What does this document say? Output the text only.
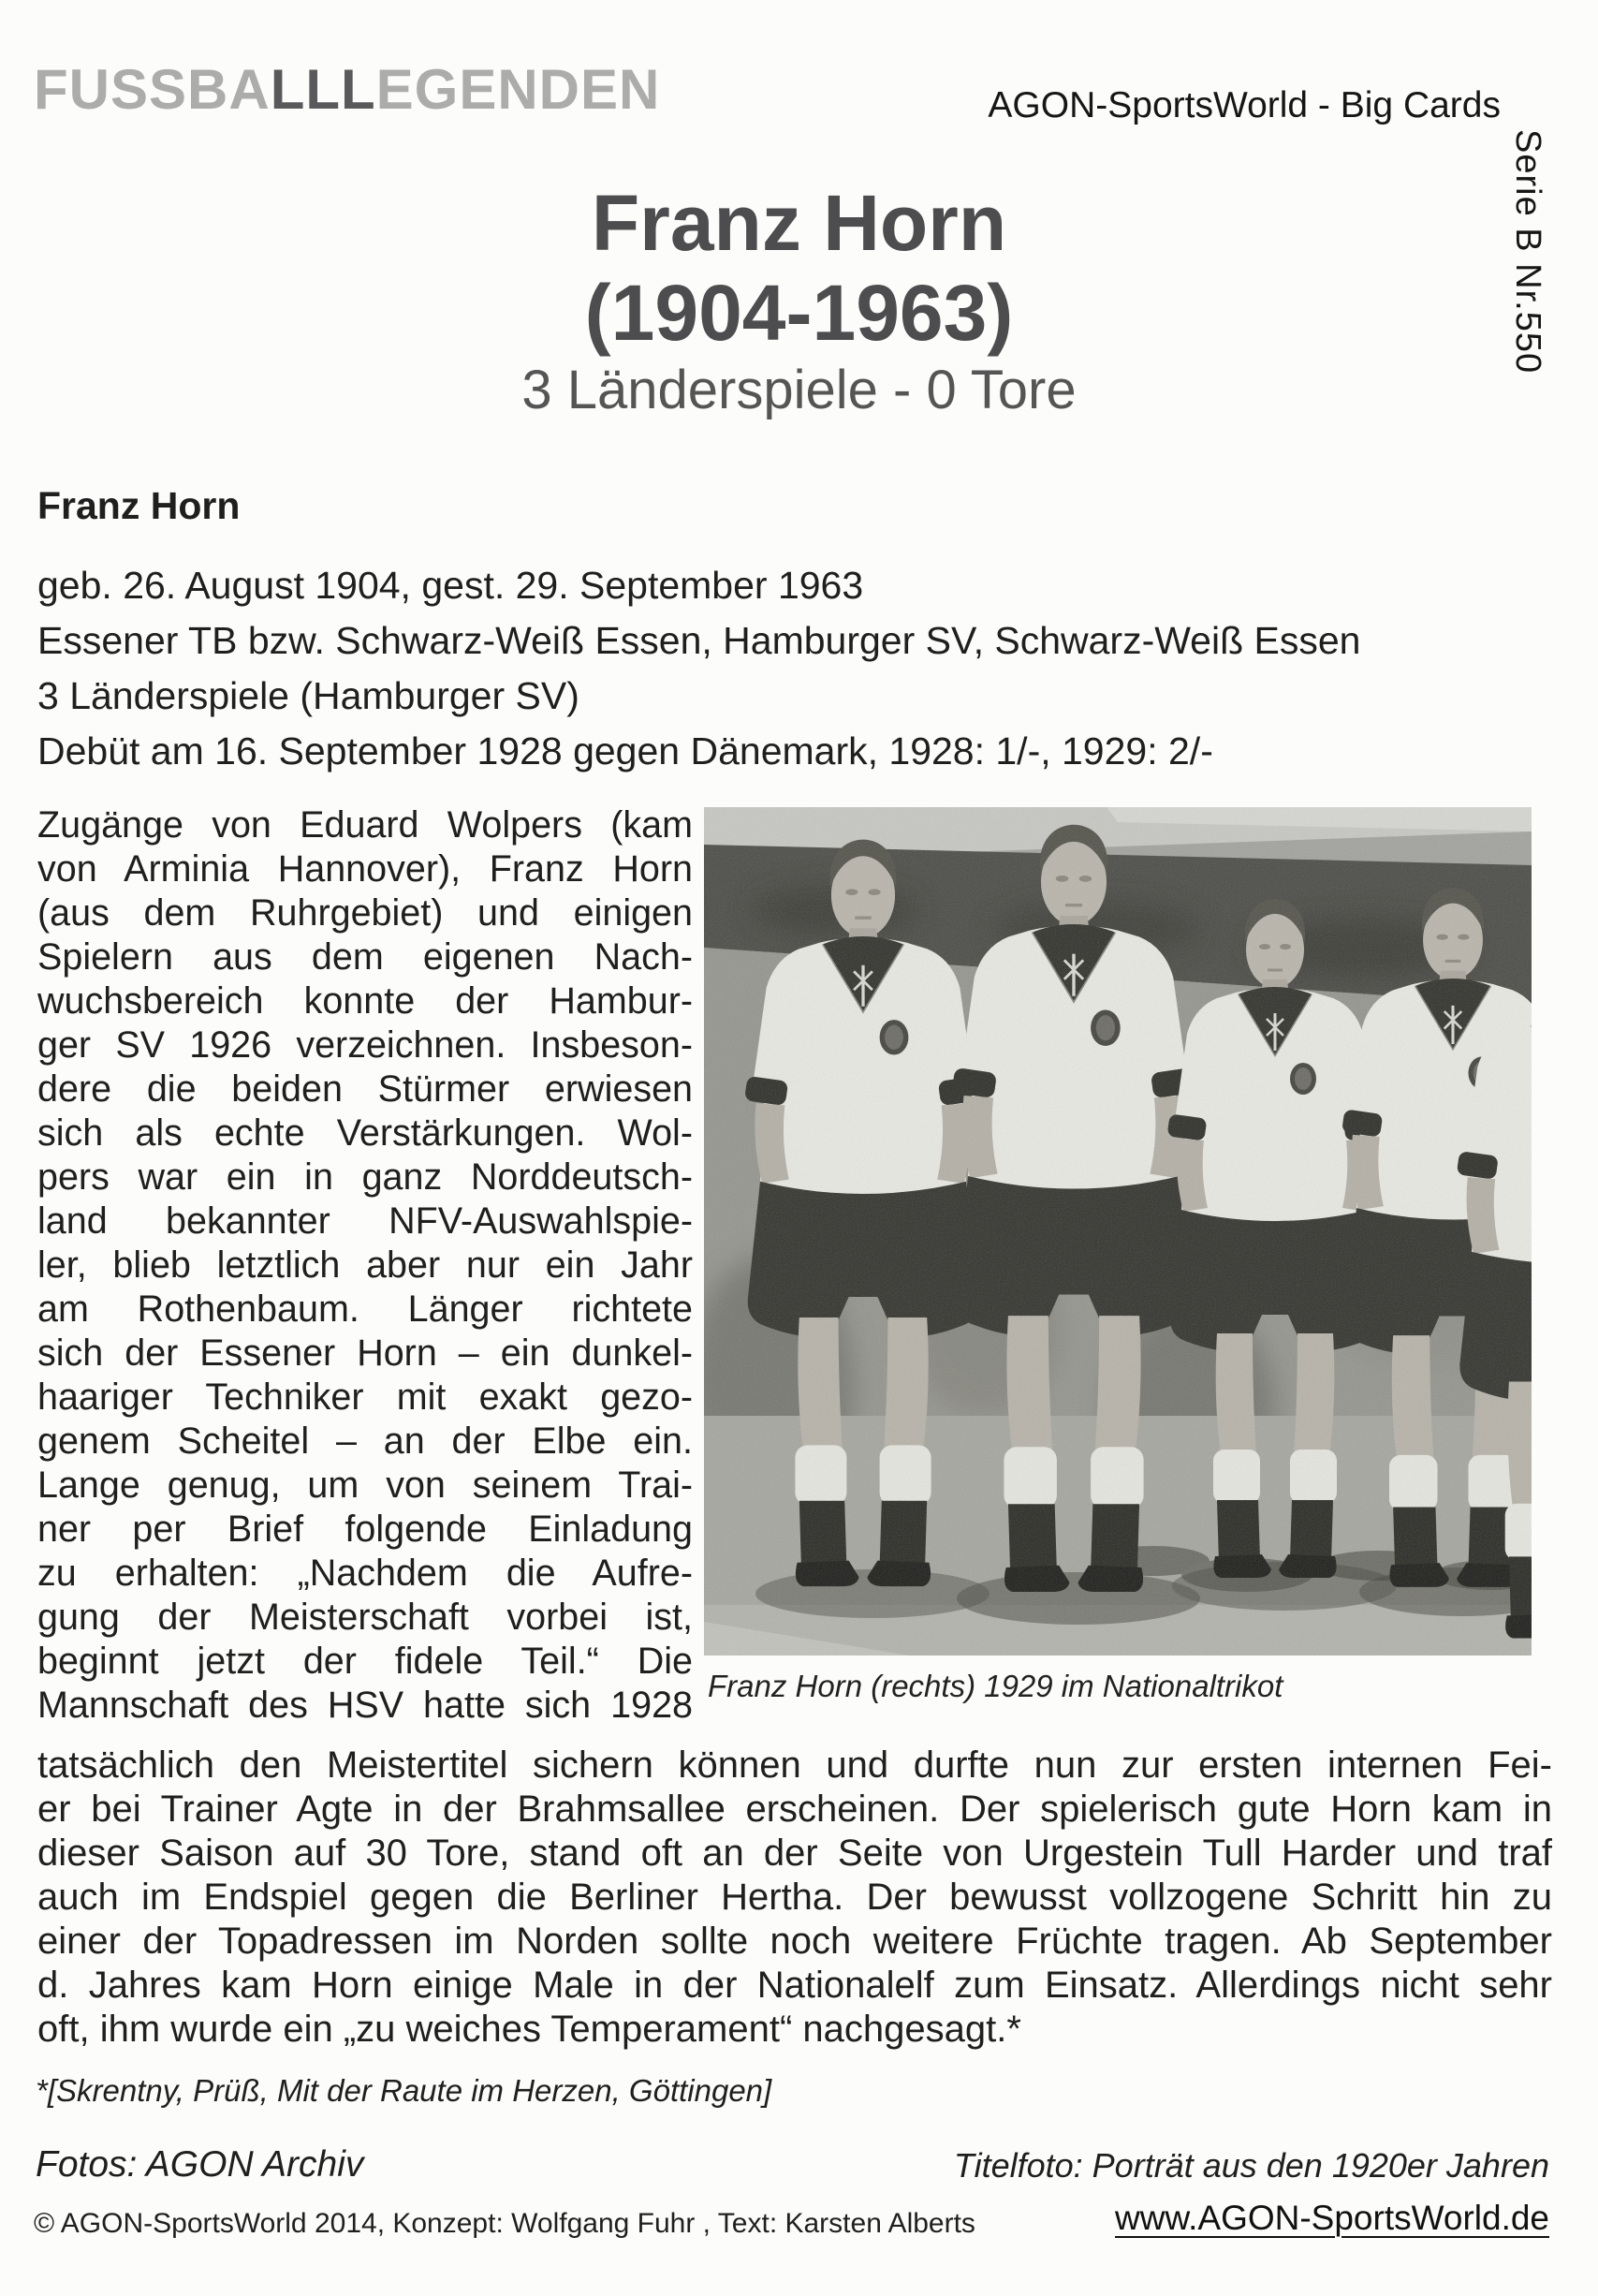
FUSSBALLLEGENDEN	AGON-SportsWorld - Big Cards
Serie B Nr.550
Franz Horn
(1904-1963)
3 Länderspiele - 0 Tore
Franz Horn
geb. 26. August 1904, gest. 29. September 1963
Essener TB bzw. Schwarz-Weiß Essen, Hamburger SV, Schwarz-Weiß Essen
3 Länderspiele (Hamburger SV)
Debüt am 16. September 1928 gegen Dänemark, 1928: 1/-, 1929: 2/-
Zugänge von Eduard Wolpers (kam
von Arminia Hannover), Franz Horn
(aus dem Ruhrgebiet) und einigen
Spielern aus dem eigenen Nach-
wuchsbereich konnte der Hambur-
ger SV 1926 verzeichnen. Insbeson-
dere die beiden Stürmer erwiesen
sich als echte Verstärkungen. Wol-
pers war ein in ganz Norddeutsch-
land bekannter NFV-Auswahlspie-
ler, blieb letztlich aber nur ein Jahr
am Rothenbaum. Länger richtete
sich der Essener Horn – ein dunkel-
haariger Techniker mit exakt gezo-
genem Scheitel – an der Elbe ein.
Lange genug, um von seinem Trai-
ner per Brief folgende Einladung
zu erhalten: „Nachdem die Aufre-
gung der Meisterschaft vorbei ist,
beginnt jetzt der fidele Teil.“ Die
Mannschaft des HSV hatte sich 1928 Franz Horn (rechts) 1929 im Nationaltrikot
tatsächlich den Meistertitel sichern können und durfte nun zur ersten internen Fei-
er bei Trainer Agte in der Brahmsallee erscheinen. Der spielerisch gute Horn kam in
dieser Saison auf 30 Tore, stand oft an der Seite von Urgestein Tull Harder und traf
auch im Endspiel gegen die Berliner Hertha. Der bewusst vollzogene Schritt hin zu
einer der Topadressen im Norden sollte noch weitere Früchte tragen. Ab September
d. Jahres kam Horn einige Male in der Nationalelf zum Einsatz. Allerdings nicht sehr
oft, ihm wurde ein „zu weiches Temperament“ nachgesagt.*
*[Skrentny, Prüß, Mit der Raute im Herzen, Göttingen]
Fotos: AGON Archiv	Titelfoto: Porträt aus den 1920er Jahren
© AGON-SportsWorld 2014, Konzept: Wolfgang Fuhr , Text: Karsten Alberts	www.AGON-SportsWorld.de
